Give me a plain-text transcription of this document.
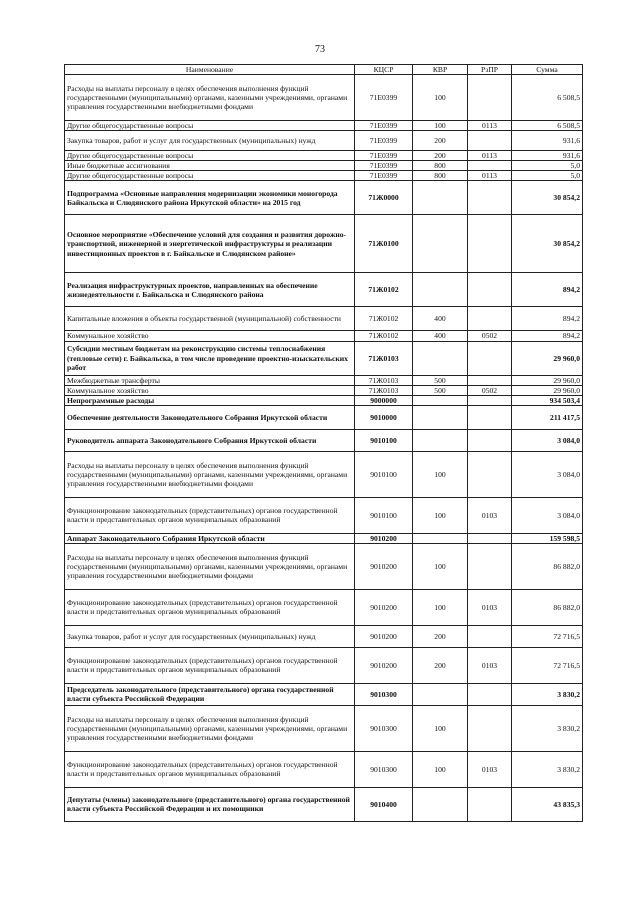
73
Наименование	КЦСР	КВР	РзПР	Сумма
Расходы на выплаты персоналу в целях обеспечения выполнения функций государственными (муниципальными) органами, казенными учреждениями, органами управления государственными внебюджетными фондами	71Е0399	100		6 508,5
Другие общегосударственные вопросы	71Е0399	100	0113	6 508,5
Закупка товаров, работ и услуг для государственных (муниципальных) нужд	71Е0399	200		931,6
Другие общегосударственные вопросы	71Е0399	200	0113	931,6
Иные бюджетные ассигнования	71Е0399	800		5,0
Другие общегосударственные вопросы	71Е0399	800	0113	5,0
Подпрограмма «Основные направления модернизации экономики моногорода Байкальска и Слюдянского района Иркутской области» на 2015 год	71Ж0000			30 854,2
Основное мероприятие «Обеспечение условий для создания и развития дорожно-транспортной, инженерной и энергетической инфраструктуры и реализации инвестиционных проектов в г. Байкальске и Слюдянском районе»	71Ж0100			30 854,2
Реализация инфраструктурных проектов, направленных на обеспечение жизнедеятельности г. Байкальска и Слюдянского района	71Ж0102			894,2
Капитальные вложения в объекты государственной (муниципальной) собственности	71Ж0102	400		894,2
Коммунальное хозяйство	71Ж0102	400	0502	894,2
Субсидии местным бюджетам на реконструкцию системы теплоснабжения (тепловые сети) г. Байкальска, в том числе проведение проектно-изыскательских работ	71Ж0103			29 960,0
Межбюджетные трансферты	71Ж0103	500		29 960,0
Коммунальное хозяйство	71Ж0103	500	0502	29 960,0
Непрограммные расходы	9000000			934 503,4
Обеспечение деятельности Законодательного Собрания Иркутской области	9010000			211 417,5
Руководитель аппарата Законодательного Собрания Иркутской области	9010100			3 084,0
Расходы на выплаты персоналу в целях обеспечения выполнения функций государственными (муниципальными) органами, казенными учреждениями, органами управления государственными внебюджетными фондами	9010100	100		3 084,0
Функционирование законодательных (представительных) органов государственной власти и представительных органов муниципальных образований	9010100	100	0103	3 084,0
Аппарат Законодательного Собрания Иркутской области	9010200			159 598,5
Расходы на выплаты персоналу в целях обеспечения выполнения функций государственными (муниципальными) органами, казенными учреждениями, органами управления государственными внебюджетными фондами	9010200	100		86 882,0
Функционирование законодательных (представительных) органов государственной власти и представительных органов муниципальных образований	9010200	100	0103	86 882,0
Закупка товаров, работ и услуг для государственных (муниципальных) нужд	9010200	200		72 716,5
Функционирование законодательных (представительных) органов государственной власти и представительных органов муниципальных образований	9010200	200	0103	72 716,5
Председатель законодательного (представительного) органа государственной власти субъекта Российской Федерации	9010300			3 830,2
Расходы на выплаты персоналу в целях обеспечения выполнения функций государственными (муниципальными) органами, казенными учреждениями, органами управления государственными внебюджетными фондами	9010300	100		3 830,2
Функционирование законодательных (представительных) органов государственной власти и представительных органов муниципальных образований	9010300	100	0103	3 830,2
Депутаты (члены) законодательного (представительного) органа государственной власти субъекта Российской Федерации и их помощники	9010400			43 835,3
